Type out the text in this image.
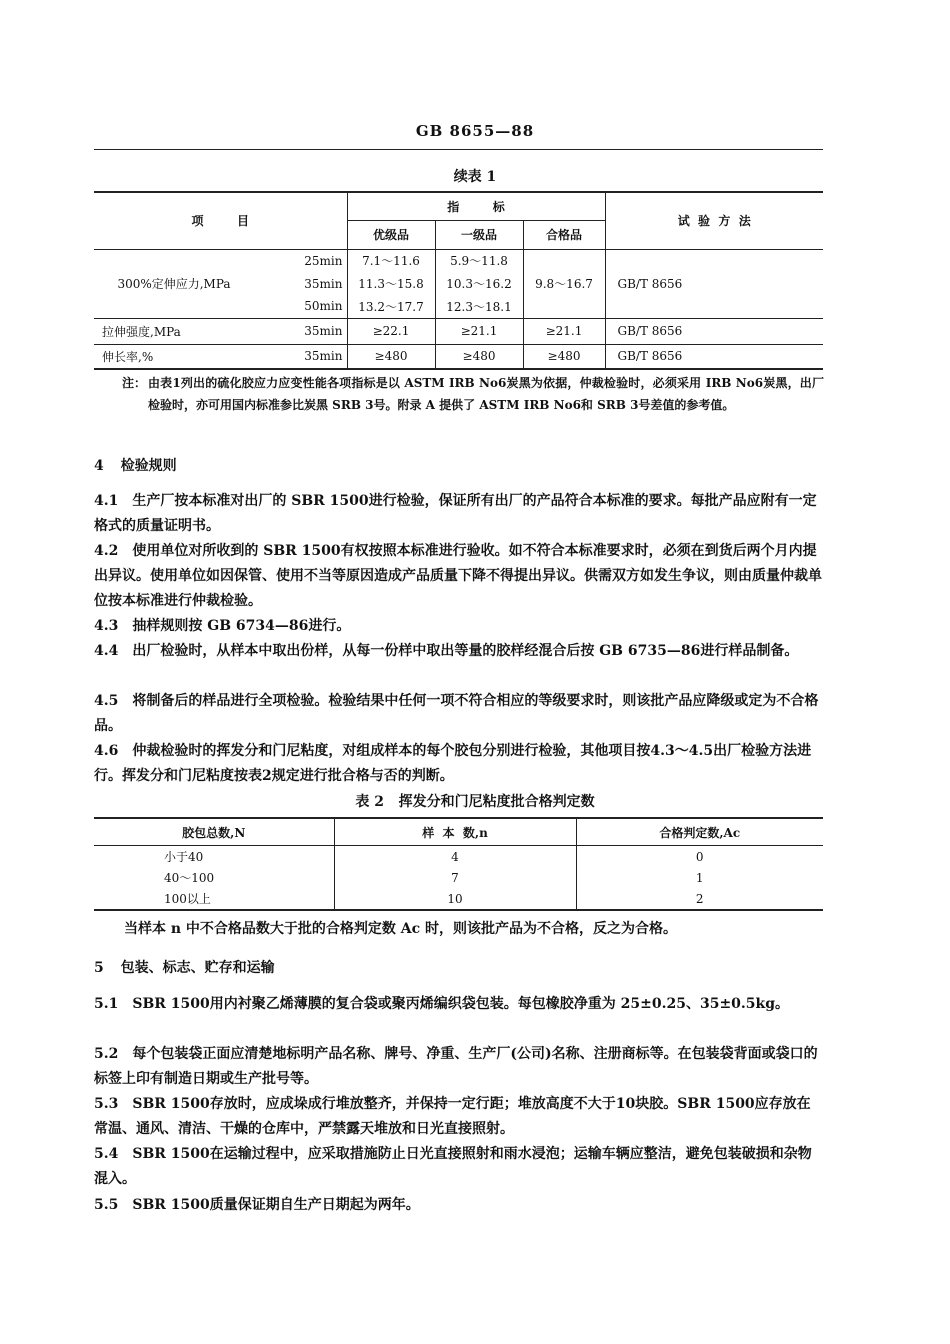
GB 8655—88
续表 1
项        目		指        标			试  验  方  法
		优级品	一级品	合格品	
300%定伸应力,MPa	25min	7.1～11.6	5.9～11.8		
	35min	11.3～15.8	10.3～16.2	9.8～16.7	GB/T 8656
	50min	13.2～17.7	12.3～18.1		
拉伸强度,MPa	35min	≥22.1	≥21.1	≥21.1	GB/T 8656
伸长率,%	35min	≥480	≥480	≥480	GB/T 8656
注： 由表1列出的硫化胶应力应变性能各项指标是以 ASTM IRB No6炭黑为依据，仲裁检验时，必须采用 IRB No6炭黑，出厂检验时，亦可用国内标准参比炭黑 SRB 3号。附录 A 提供了 ASTM IRB No6和 SRB 3号差值的参考值。
4 检验规则
4.1 生产厂按本标准对出厂的 SBR 1500进行检验，保证所有出厂的产品符合本标准的要求。每批产品应附有一定格式的质量证明书。
4.2 使用单位对所收到的 SBR 1500有权按照本标准进行验收。如不符合本标准要求时，必须在到货后两个月内提出异议。使用单位如因保管、使用不当等原因造成产品质量下降不得提出异议。供需双方如发生争议，则由质量仲裁单位按本标准进行仲裁检验。
4.3 抽样规则按 GB 6734—86进行。
4.4 出厂检验时，从样本中取出份样，从每一份样中取出等量的胶样经混合后按 GB 6735—86进行样品制备。
4.5 将制备后的样品进行全项检验。检验结果中任何一项不符合相应的等级要求时，则该批产品应降级或定为不合格品。
4.6 仲裁检验时的挥发分和门尼粘度，对组成样本的每个胶包分别进行检验，其他项目按4.3～4.5出厂检验方法进行。挥发分和门尼粘度按表2规定进行批合格与否的判断。
表 2   挥发分和门尼粘度批合格判定数
胶包总数,N	样  本  数,n	合格判定数,Ac
小于40	4	0
40～100	7	1
100以上	10	2
当样本 n 中不合格品数大于批的合格判定数 Ac 时，则该批产品为不合格，反之为合格。
5 包装、标志、贮存和运输
5.1 SBR 1500用内衬聚乙烯薄膜的复合袋或聚丙烯编织袋包装。每包橡胶净重为 25±0.25、35±0.5kg。
5.2 每个包装袋正面应清楚地标明产品名称、牌号、净重、生产厂(公司)名称、注册商标等。在包装袋背面或袋口的标签上印有制造日期或生产批号等。
5.3 SBR 1500存放时，应成垛成行堆放整齐，并保持一定行距；堆放高度不大于10块胶。SBR 1500应存放在常温、通风、清洁、干燥的仓库中，严禁露天堆放和日光直接照射。
5.4 SBR 1500在运输过程中，应采取措施防止日光直接照射和雨水浸泡；运输车辆应整洁，避免包装破损和杂物混入。
5.5 SBR 1500质量保证期自生产日期起为两年。
